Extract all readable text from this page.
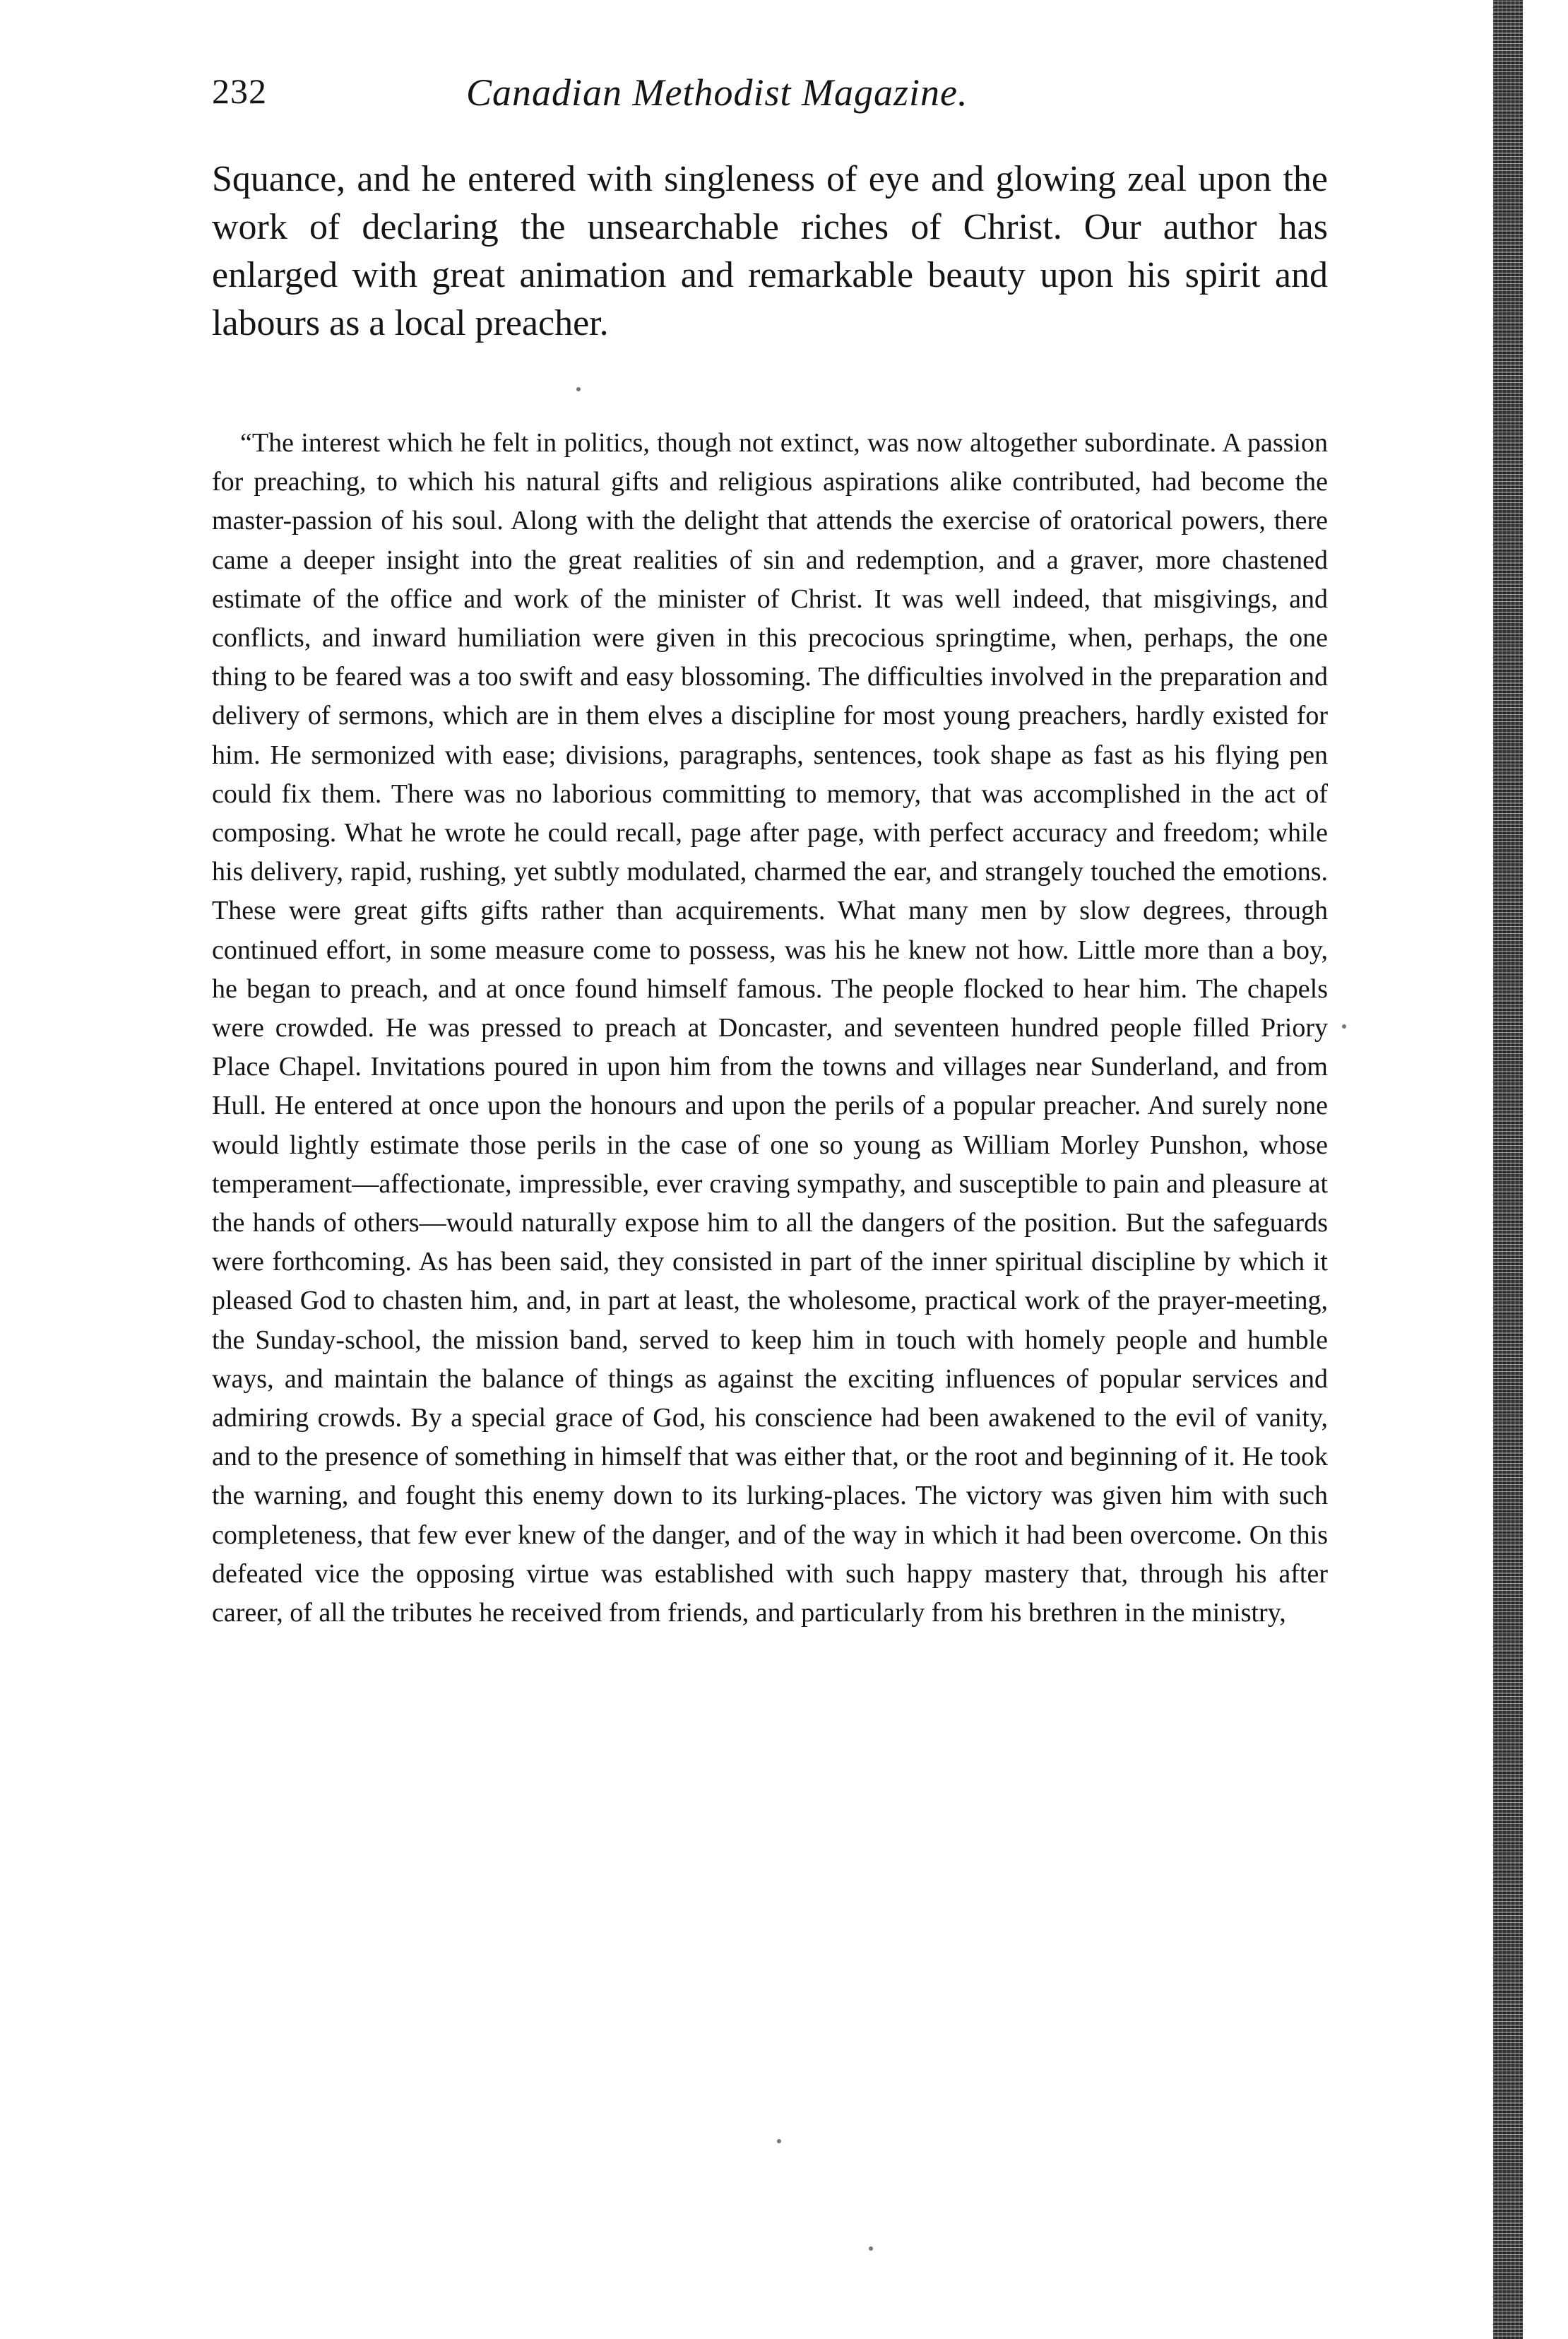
232	Canadian Methodist Magazine.

Squance, and he entered with singleness of eye and glowing zeal upon the work of declaring the unsearchable riches of Christ. Our author has enlarged with great animation and remarkable beauty upon his spirit and labours as a local preacher.

“The interest which he felt in politics, though not extinct, was now altogether subordinate. A passion for preaching, to which his natural gifts and religious aspirations alike contributed, had become the master-passion of his soul. Along with the delight that attends the exercise of oratorical powers, there came a deeper insight into the great realities of sin and redemption, and a graver, more chastened estimate of the office and work of the minister of Christ. It was well indeed, that misgivings, and conflicts, and inward humiliation were given in this precocious springtime, when, perhaps, the one thing to be feared was a too swift and easy blossoming. The difficulties involved in the preparation and delivery of sermons, which are in them elves a discipline for most young preachers, hardly existed for him. He sermonized with ease; divisions, paragraphs, sentences, took shape as fast as his flying pen could fix them. There was no laborious committing to memory, that was accomplished in the act of composing. What he wrote he could recall, page after page, with perfect accuracy and freedom; while his delivery, rapid, rushing, yet subtly modulated, charmed the ear, and strangely touched the emotions. These were great gifts gifts rather than acquirements. What many men by slow degrees, through continued effort, in some measure come to possess, was his he knew not how. Little more than a boy, he began to preach, and at once found himself famous. The people flocked to hear him. The chapels were crowded. He was pressed to preach at Doncaster, and seventeen hundred people filled Priory Place Chapel. Invitations poured in upon him from the towns and villages near Sunderland, and from Hull. He entered at once upon the honours and upon the perils of a popular preacher. And surely none would lightly estimate those perils in the case of one so young as William Morley Punshon, whose temperament—affectionate, impressible, ever craving sympathy, and susceptible to pain and pleasure at the hands of others—would naturally expose him to all the dangers of the position. But the safeguards were forthcoming. As has been said, they consisted in part of the inner spiritual discipline by which it pleased God to chasten him, and, in part at least, the wholesome, practical work of the prayer-meeting, the Sunday-school, the mission band, served to keep him in touch with homely people and humble ways, and maintain the balance of things as against the exciting influences of popular services and admiring crowds. By a special grace of God, his conscience had been awakened to the evil of vanity, and to the presence of something in himself that was either that, or the root and beginning of it. He took the warning, and fought this enemy down to its lurking-places. The victory was given him with such completeness, that few ever knew of the danger, and of the way in which it had been overcome. On this defeated vice the opposing virtue was established with such happy mastery that, through his after career, of all the tributes he received from friends, and particularly from his brethren in the ministry,
